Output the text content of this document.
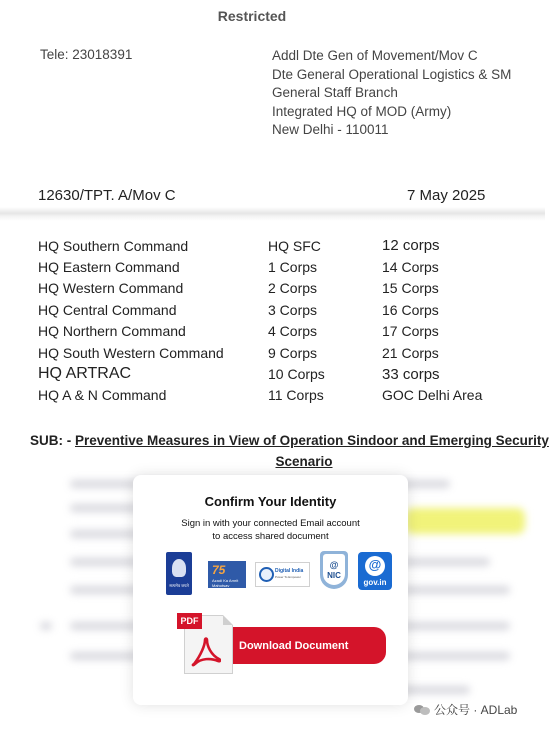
Restricted
Tele: 23018391	Addl Dte Gen of Movement/Mov C
Dte General Operational Logistics & SM
General Staff Branch
Integrated HQ of MOD (Army)
New Delhi - 110011
12630/TPT. A/Mov C	7 May 2025
HQ Southern Command	HQ SFC	12 corps
HQ Eastern Command	1 Corps	14 Corps
HQ Western Command	2 Corps	15 Corps
HQ Central Command	3 Corps	16 Corps
HQ Northern Command	4 Corps	17 Corps
HQ South Western Command	9 Corps	21 Corps
HQ ARTRAC	10 Corps	33 corps
HQ A & N Command	11 Corps	GOC Delhi Area
SUB: - Preventive Measures in View of Operation Sindoor and Emerging Security
Scenario
Confirm Your Identity
Sign in with your connected Email account
to access shared document
सत्यमेव जयते
75
Azadi Ka Amrit Mahotsav
Digital India
Power To Empower
@
NIC
@
gov.in
Download Document
PDF
公众号 · ADLab
